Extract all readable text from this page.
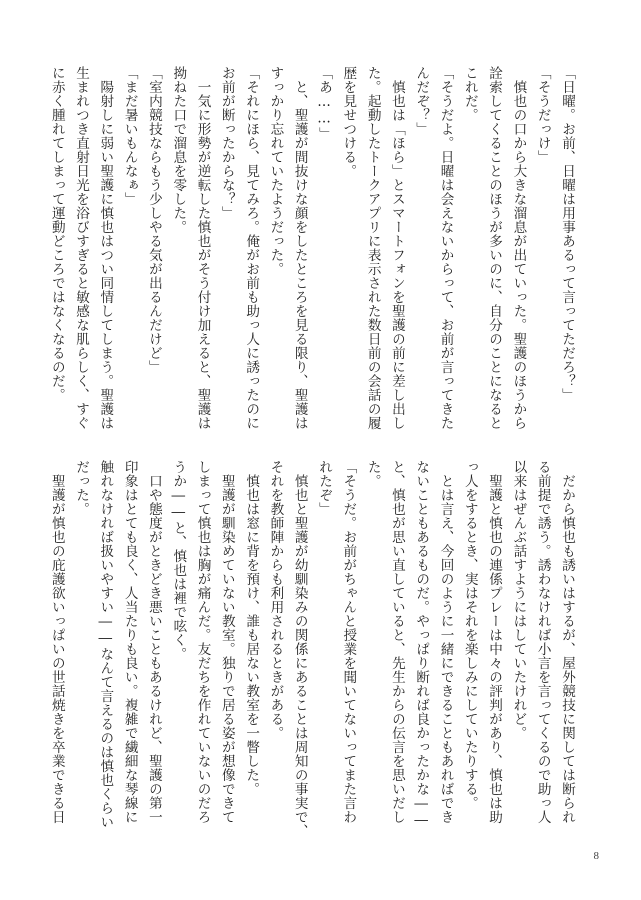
「日曜。お前、日曜は用事あるって言ってただろ？」
「そうだっけ」
　慎也の口から大きな溜息が出ていった。聖護のほうから
詮索してくることのほうが多いのに、自分のことになると
これだ。
「そうだよ。日曜は会えないからって、お前が言ってきた
んだぞ？」
　慎也は「ほら」とスマートフォンを聖護の前に差し出し
た。起動したトークアプリに表示された数日前の会話の履
歴を見せつける。
「あ……」
　と、聖護が間抜けな顔をしたところを見る限り、聖護は
すっかり忘れていたようだった。
「それにほら、見てみろ。俺がお前も助っ人に誘ったのに
お前が断ったからな？」
　一気に形勢が逆転した慎也がそう付け加えると、聖護は
拗ねた口で溜息を零した。
「室内競技ならもう少しやる気が出るんだけど」
「まだ暑いもんなぁ」
　陽射しに弱い聖護に慎也はつい同情してしまう。聖護は
生まれつき直射日光を浴びすぎると敏感な肌らしく、すぐ
に赤く腫れてしまって運動どころではなくなるのだ。
　だから慎也も誘いはするが、屋外競技に関しては断られ
る前提で誘う。誘わなければ小言を言ってくるので助っ人
以来はぜんぶ話すようにはしていたけれど。
　聖護と慎也の連係プレーは中々の評判があり、慎也は助
っ人をするとき、実はそれを楽しみにしていたりする。
　とは言え、今回のように一緒にできることもあればでき
ないこともあるものだ。やっぱり断れば良かったかな――
と、慎也が思い直していると、先生からの伝言を思いだし
た。
「そうだ。お前がちゃんと授業を聞いてないってまた言わ
れたぞ」
　慎也と聖護が幼馴染みの関係にあることは周知の事実で、
それを教師陣からも利用されるときがある。
　慎也は窓に背を預け、誰も居ない教室を一瞥した。
　聖護が馴染めていない教室。独りで居る姿が想像できて
しまって慎也は胸が痛んだ。友だちを作れていないのだろ
うか――と、慎也は裡で呟く。
　口や態度がときどき悪いこともあるけれど、聖護の第一
印象はとても良く、人当たりも良い。複雑で繊細な琴線に
触れなければ扱いやすい――なんて言えるのは慎也くらい
だった。
　聖護が慎也の庇護欲いっぱいの世話焼きを卒業できる日
8
